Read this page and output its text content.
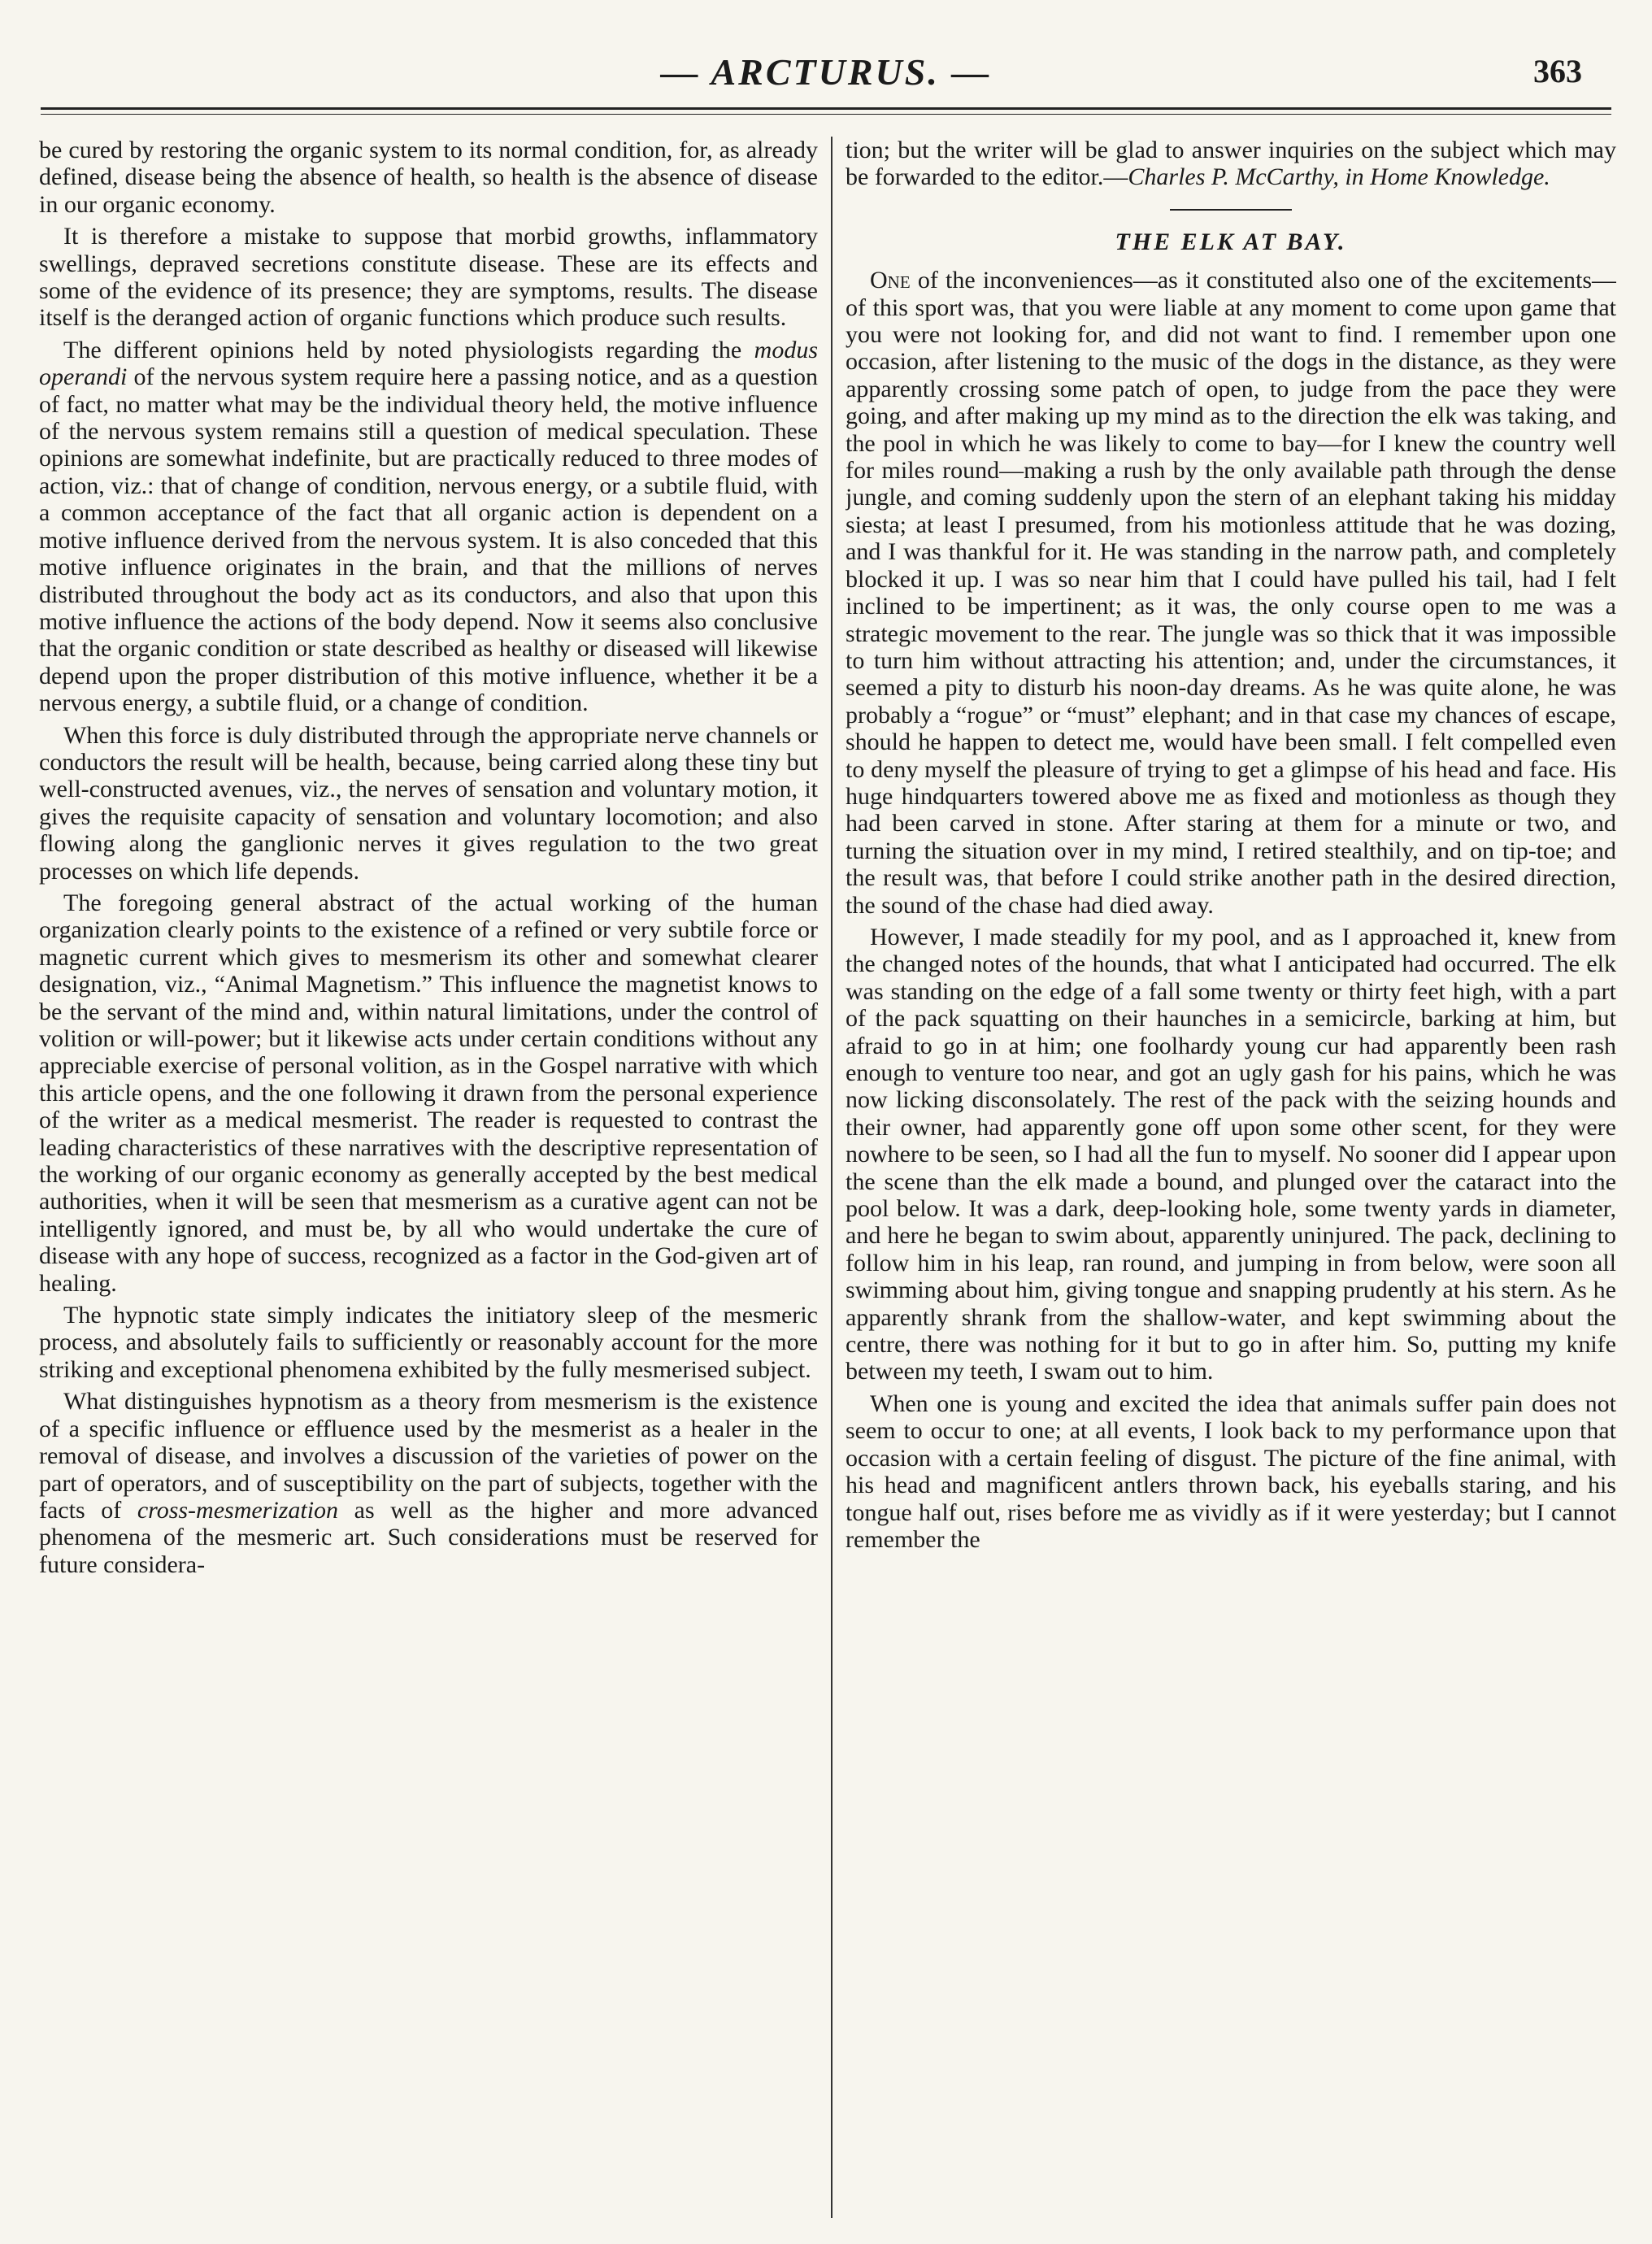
— ARCTURUS. —	363

be cured by restoring the organic system to its normal condition, for, as already defined, disease being the absence of health, so health is the absence of disease in our organic economy.

It is therefore a mistake to suppose that morbid growths, inflammatory swellings, depraved secretions constitute disease. These are its effects and some of the evidence of its presence; they are symptoms, results. The disease itself is the deranged action of organic functions which produce such results.

The different opinions held by noted physiologists regarding the modus operandi of the nervous system require here a passing notice, and as a question of fact, no matter what may be the individual theory held, the motive influence of the nervous system remains still a question of medical speculation. These opinions are somewhat indefinite, but are practically reduced to three modes of action, viz.: that of change of condition, nervous energy, or a subtile fluid, with a common acceptance of the fact that all organic action is dependent on a motive influence derived from the nervous system. It is also conceded that this motive influence originates in the brain, and that the millions of nerves distributed throughout the body act as its conductors, and also that upon this motive influence the actions of the body depend. Now it seems also conclusive that the organic condition or state described as healthy or diseased will likewise depend upon the proper distribution of this motive influence, whether it be a nervous energy, a subtile fluid, or a change of condition.

When this force is duly distributed through the appropriate nerve channels or conductors the result will be health, because, being carried along these tiny but well-constructed avenues, viz., the nerves of sensation and voluntary motion, it gives the requisite capacity of sensation and voluntary locomotion; and also flowing along the ganglionic nerves it gives regulation to the two great processes on which life depends.

The foregoing general abstract of the actual working of the human organization clearly points to the existence of a refined or very subtile force or magnetic current which gives to mesmerism its other and somewhat clearer designation, viz., “Animal Magnetism.” This influence the magnetist knows to be the servant of the mind and, within natural limitations, under the control of volition or will-power; but it likewise acts under certain conditions without any appreciable exercise of personal volition, as in the Gospel narrative with which this article opens, and the one following it drawn from the personal experience of the writer as a medical mesmerist. The reader is requested to contrast the leading characteristics of these narratives with the descriptive representation of the working of our organic economy as generally accepted by the best medical authorities, when it will be seen that mesmerism as a curative agent can not be intelligently ignored, and must be, by all who would undertake the cure of disease with any hope of success, recognized as a factor in the God-given art of healing.

The hypnotic state simply indicates the initiatory sleep of the mesmeric process, and absolutely fails to sufficiently or reasonably account for the more striking and exceptional phenomena exhibited by the fully mesmerised subject.

What distinguishes hypnotism as a theory from mesmerism is the existence of a specific influence or effluence used by the mesmerist as a healer in the removal of disease, and involves a discussion of the varieties of power on the part of operators, and of susceptibility on the part of subjects, together with the facts of cross-mesmerization as well as the higher and more advanced phenomena of the mesmeric art. Such considerations must be reserved for future considera-

tion; but the writer will be glad to answer inquiries on the subject which may be forwarded to the editor.—Charles P. McCarthy, in Home Knowledge.

THE ELK AT BAY.

One of the inconveniences—as it constituted also one of the excitements—of this sport was, that you were liable at any moment to come upon game that you were not looking for, and did not want to find. I remember upon one occasion, after listening to the music of the dogs in the distance, as they were apparently crossing some patch of open, to judge from the pace they were going, and after making up my mind as to the direction the elk was taking, and the pool in which he was likely to come to bay—for I knew the country well for miles round—making a rush by the only available path through the dense jungle, and coming suddenly upon the stern of an elephant taking his midday siesta; at least I presumed, from his motionless attitude that he was dozing, and I was thankful for it. He was standing in the narrow path, and completely blocked it up. I was so near him that I could have pulled his tail, had I felt inclined to be impertinent; as it was, the only course open to me was a strategic movement to the rear. The jungle was so thick that it was impossible to turn him without attracting his attention; and, under the circumstances, it seemed a pity to disturb his noon-day dreams. As he was quite alone, he was probably a “rogue” or “must” elephant; and in that case my chances of escape, should he happen to detect me, would have been small. I felt compelled even to deny myself the pleasure of trying to get a glimpse of his head and face. His huge hindquarters towered above me as fixed and motionless as though they had been carved in stone. After staring at them for a minute or two, and turning the situation over in my mind, I retired stealthily, and on tip-toe; and the result was, that before I could strike another path in the desired direction, the sound of the chase had died away.

However, I made steadily for my pool, and as I approached it, knew from the changed notes of the hounds, that what I anticipated had occurred. The elk was standing on the edge of a fall some twenty or thirty feet high, with a part of the pack squatting on their haunches in a semicircle, barking at him, but afraid to go in at him; one foolhardy young cur had apparently been rash enough to venture too near, and got an ugly gash for his pains, which he was now licking disconsolately. The rest of the pack with the seizing hounds and their owner, had apparently gone off upon some other scent, for they were nowhere to be seen, so I had all the fun to myself. No sooner did I appear upon the scene than the elk made a bound, and plunged over the cataract into the pool below. It was a dark, deep-looking hole, some twenty yards in diameter, and here he began to swim about, apparently uninjured. The pack, declining to follow him in his leap, ran round, and jumping in from below, were soon all swimming about him, giving tongue and snapping prudently at his stern. As he apparently shrank from the shallow-water, and kept swimming about the centre, there was nothing for it but to go in after him. So, putting my knife between my teeth, I swam out to him.

When one is young and excited the idea that animals suffer pain does not seem to occur to one; at all events, I look back to my performance upon that occasion with a certain feeling of disgust. The picture of the fine animal, with his head and magnificent antlers thrown back, his eyeballs staring, and his tongue half out, rises before me as vividly as if it were yesterday; but I cannot remember the
